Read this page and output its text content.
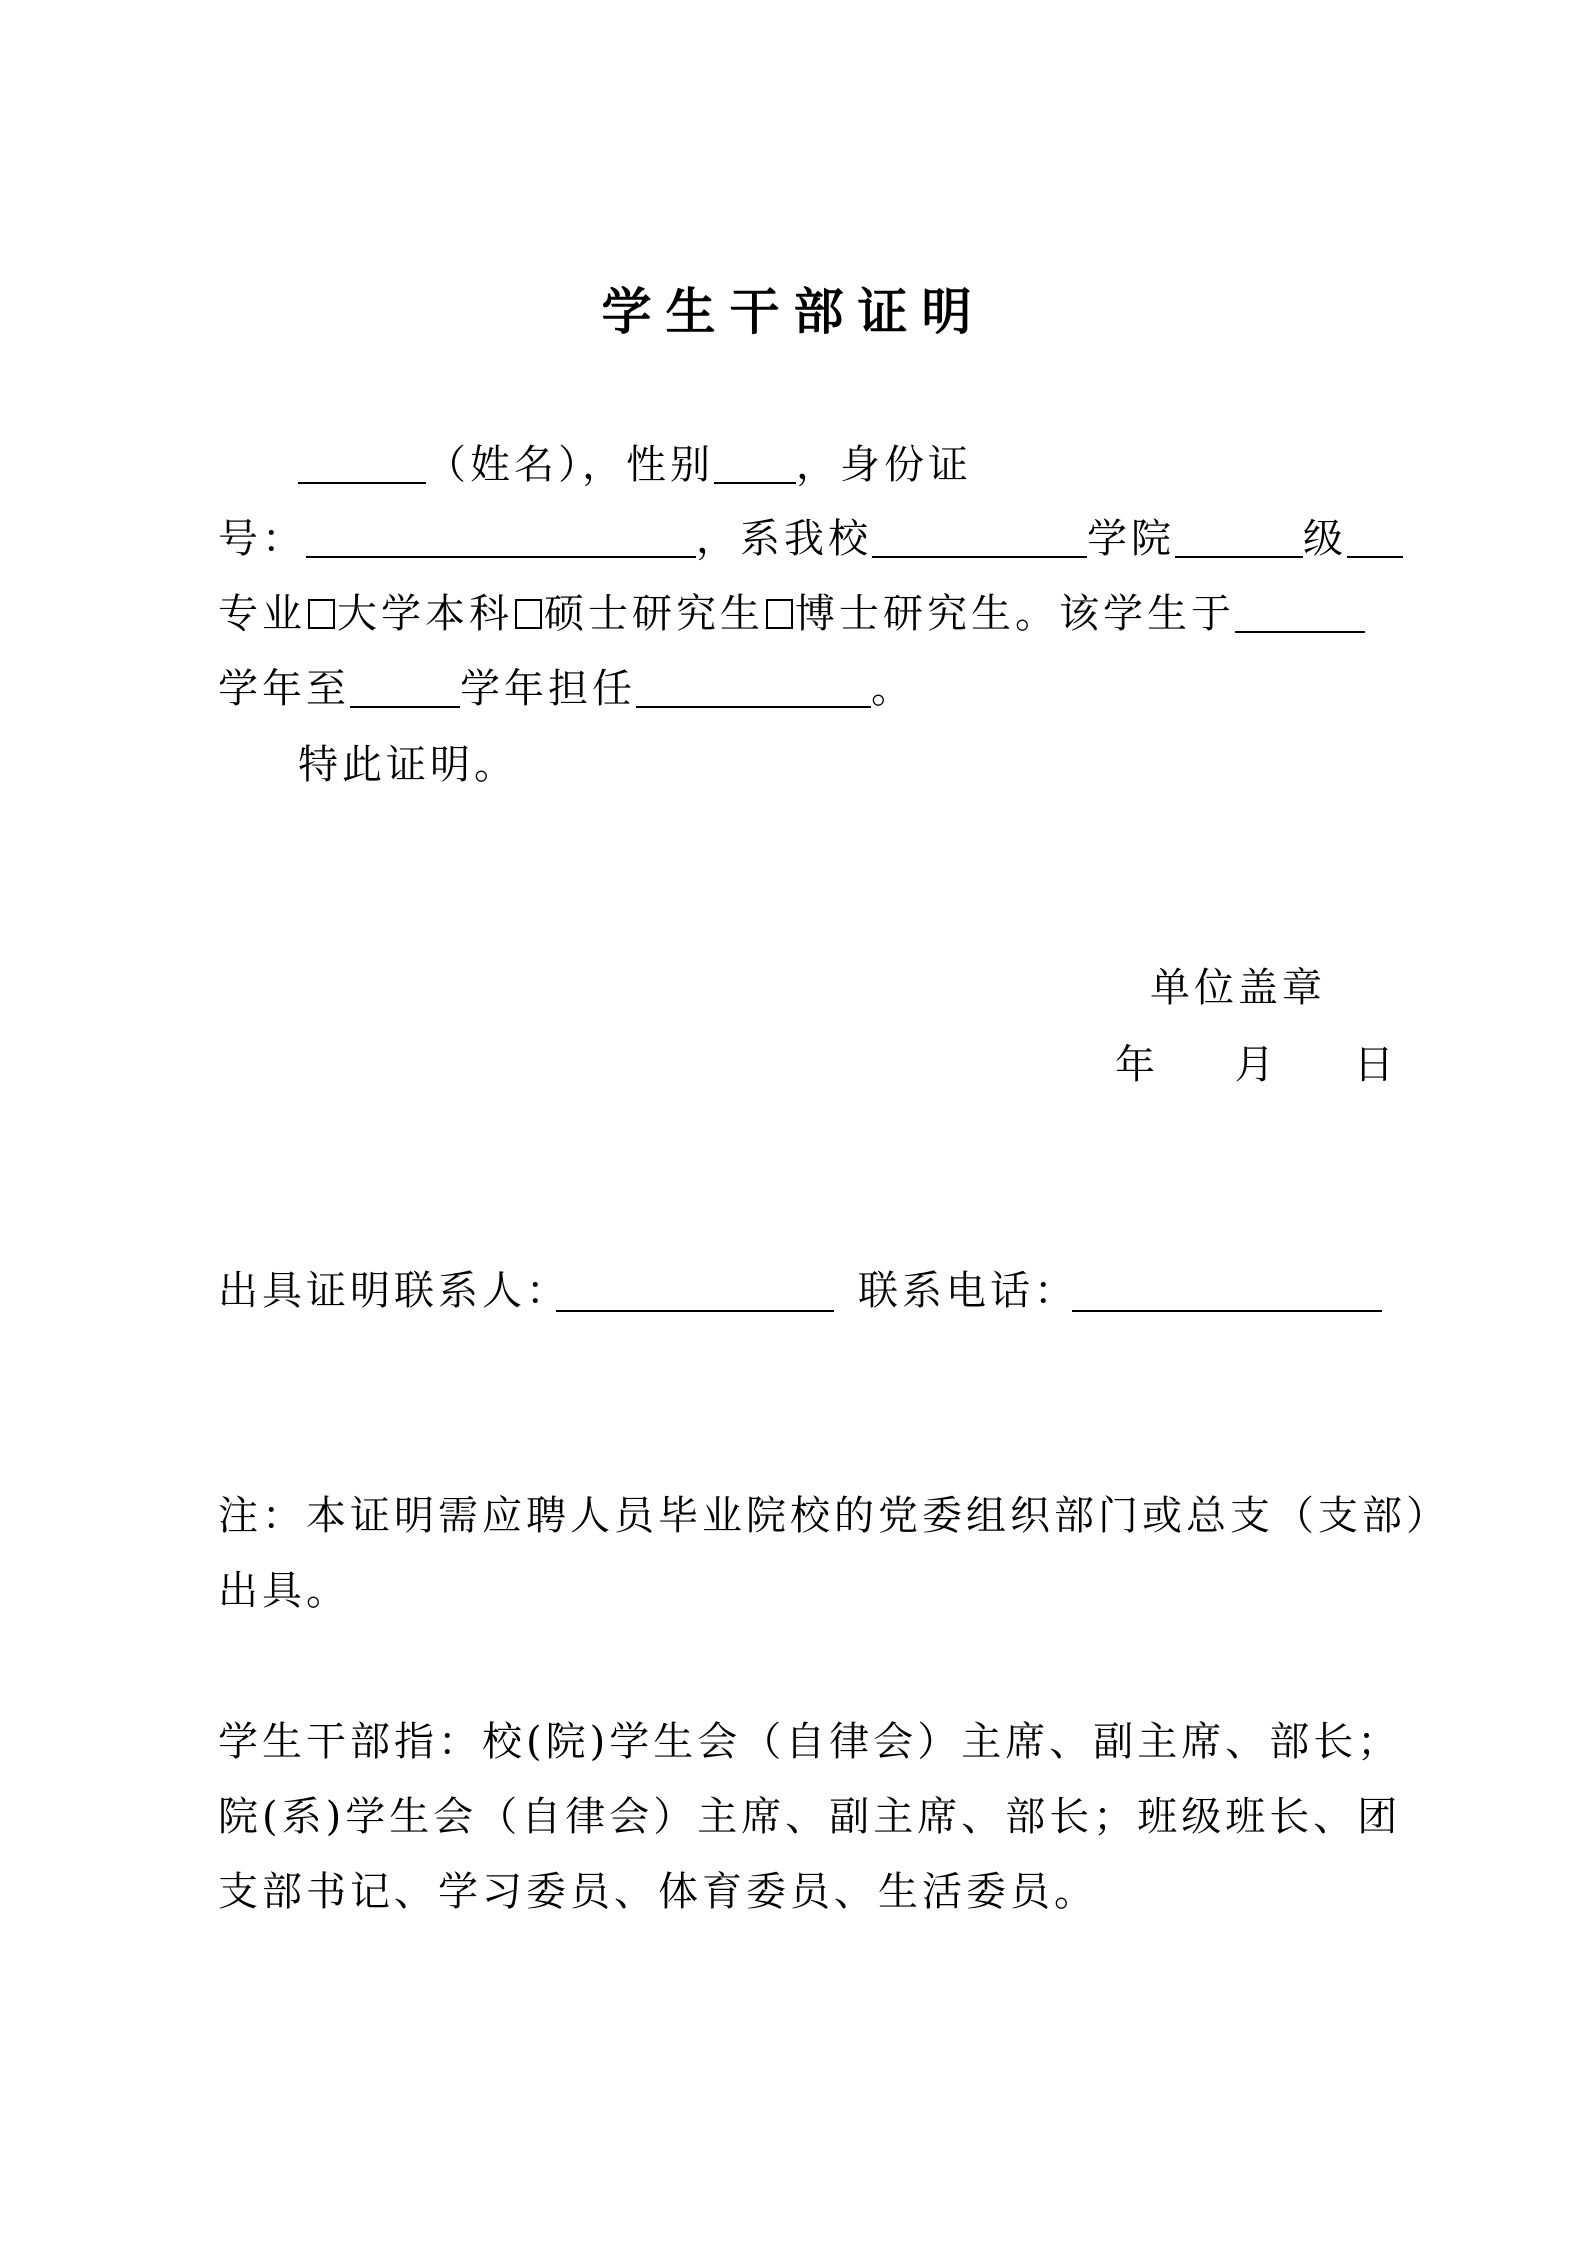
学生干部证明
（姓名），性别 ，身份证
号：	，系我校	学院	级
专业 大学本科 硕士研究生 博士研究生。该学生于
学年至	学年担任	。
特此证明。
单位盖章
年  月  日
出具证明联系人：	联系电话：
注：本证明需应聘人员毕业院校的党委组织部门或总支（支部）
出具。
学生干部指：校(院)学生会（自律会）主席、副主席、部长；
院(系)学生会（自律会）主席、副主席、部长；班级班长、团
支部书记、学习委员、体育委员、生活委员。
